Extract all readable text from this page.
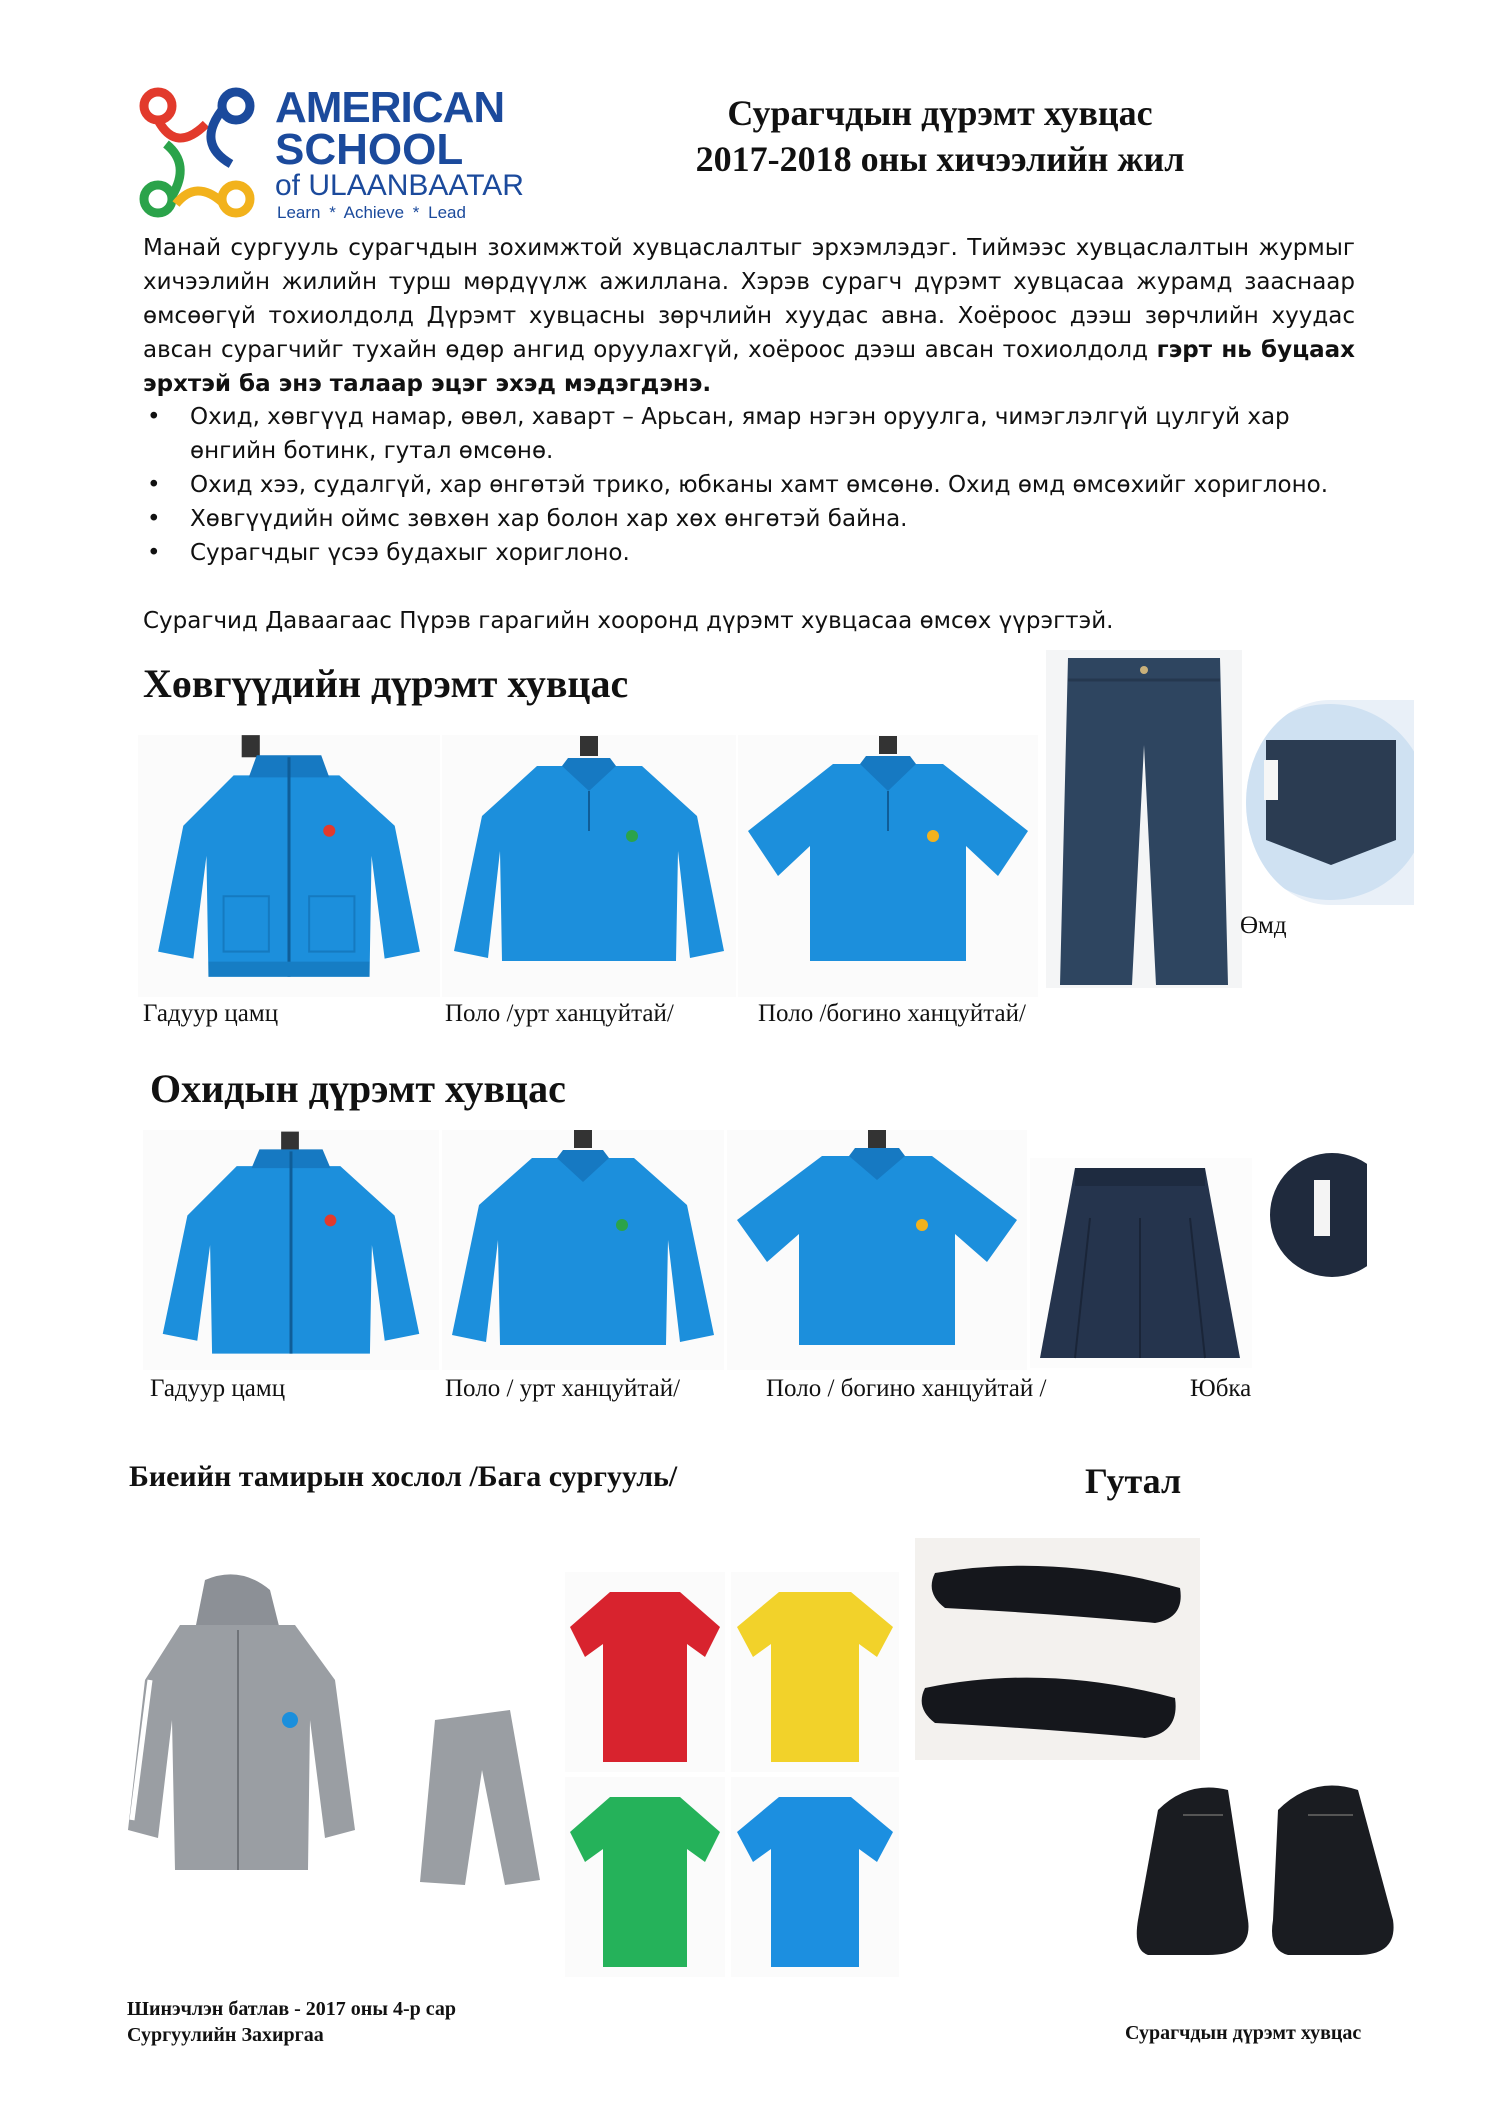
AMERICAN
SCHOOL
of ULAANBAATAR
Learn * Achieve * Lead
Сурагчдын дүрэмт хувцас
2017-2018 оны хичээлийн жил

Манай сургууль сурагчдын зохимжтой хувцаслалтыг эрхэмлэдэг. Тиймээс хувцаслалтын журмыг хичээлийн жилийн турш мөрдүүлж ажиллана. Хэрэв сурагч дүрэмт хувцасаа журамд зааснаар өмсөөгүй тохиолдолд Дүрэмт хувцасны зөрчлийн хуудас авна. Хоёроос дээш зөрчлийн хуудас авсан сурагчийг тухайн өдөр ангид оруулахгүй, хоёроос дээш авсан тохиолдолд гэрт нь буцаах эрхтэй ба энэ талаар эцэг эхэд мэдэгдэнэ.

• Охид, хөвгүүд намар, өвөл, хаварт – Арьсан, ямар нэгэн оруулга, чимэглэлгүй цулгуй хар өнгийн ботинк, гутал өмсөнө.
• Охид хээ, судалгүй, хар өнгөтэй трико, юбканы хамт өмсөнө. Охид өмд өмсөхийг хориглоно.
• Хөвгүүдийн оймс зөвхөн хар болон хар хөх өнгөтэй байна.
• Сурагчдыг үсээ будахыг хориглоно.

Сурагчид Даваагаас Пүрэв гарагийн хооронд дүрэмт хувцасаа өмсөх үүрэгтэй.

Хөвгүүдийн дүрэмт хувцас
Гадуур цамц	Поло /урт ханцуйтай/	Поло /богино ханцуйтай/
Өмд
Охидын дүрэмт хувцас
Гадуур цамц	Поло / урт ханцуйтай/	Поло / богино ханцуйтай /	Юбка
Биеийн тамирын хослол /Бага сургууль/	Гутал
Шинэчлэн батлав - 2017 оны 4-р сар
Сургуулийн Захиргаа	Сурагчдын дүрэмт хувцас
